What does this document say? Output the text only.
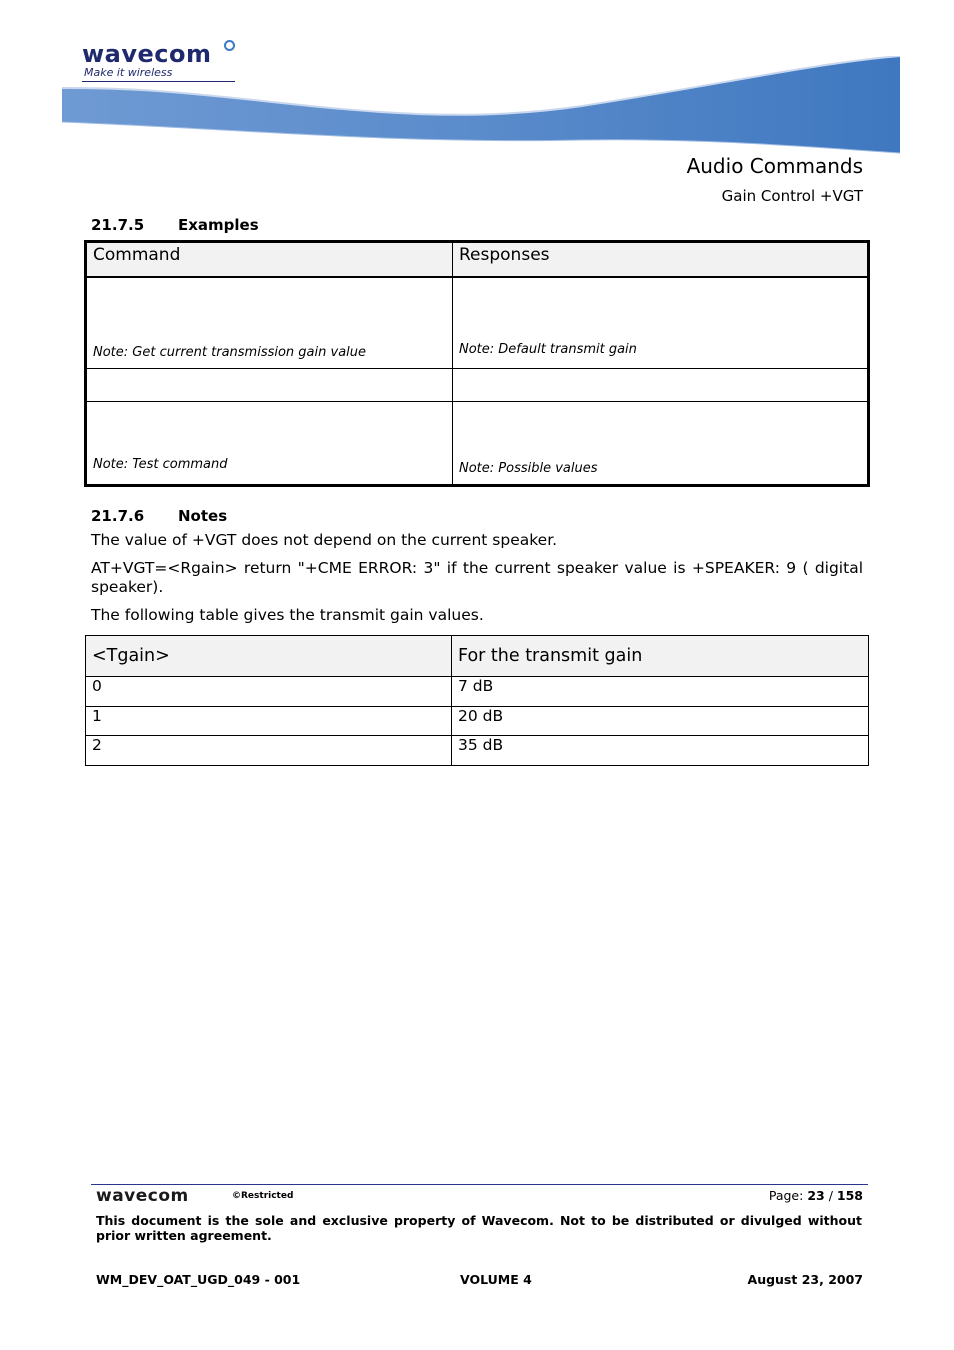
wavecom
Make it wireless
Audio Commands
Gain Control +VGT
21.7.5 Examples
Command	Responses
Note: Get current transmission gain value	Note: Default transmit gain

Note: Test command	Note: Possible values
21.7.6 Notes
The value of +VGT does not depend on the current speaker.
AT+VGT=<Rgain> return "+CME ERROR: 3" if the current speaker value is +SPEAKER: 9 ( digital speaker).
The following table gives the transmit gain values.
<Tgain>	For the transmit gain
0	7 dB
1	20 dB
2	35 dB
wavecom	©Restricted	Page: 23 / 158
This document is the sole and exclusive property of Wavecom. Not to be distributed or divulged without prior written agreement.
WM_DEV_OAT_UGD_049 - 001	VOLUME 4	August 23, 2007
